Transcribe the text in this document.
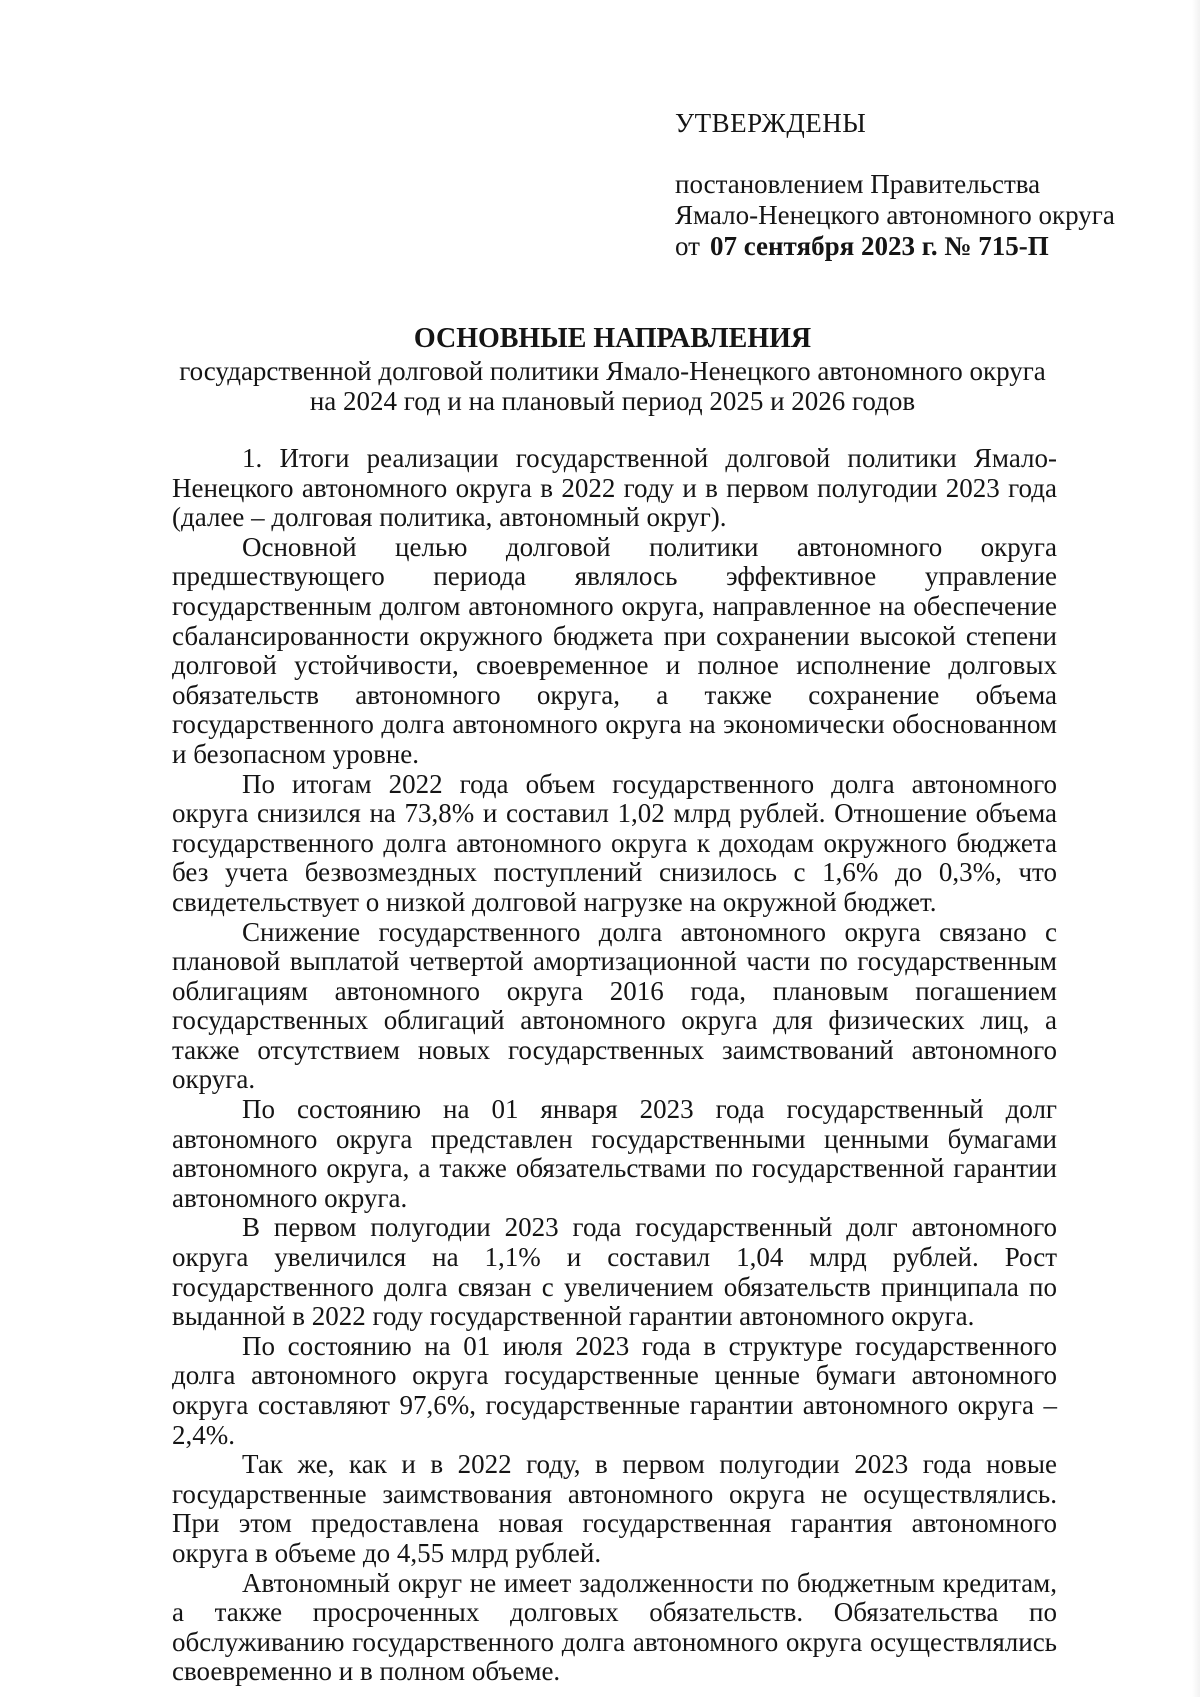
УТВЕРЖДЕНЫ
постановлением Правительства
Ямало-Ненецкого автономного округа
от 07 сентября 2023 г. № 715-П
ОСНОВНЫЕ НАПРАВЛЕНИЯ
государственной долговой политики Ямало-Ненецкого автономного округа
на 2024 год и на плановый период 2025 и 2026 годов

1. Итоги реализации государственной долговой политики Ямало-Ненецкого автономного округа в 2022 году и в первом полугодии 2023 года (далее – долговая политика, автономный округ).

Основной целью долговой политики автономного округа предшествующего периода являлось эффективное управление государственным долгом автономного округа, направленное на обеспечение сбалансированности окружного бюджета при сохранении высокой степени долговой устойчивости, своевременное и полное исполнение долговых обязательств автономного округа, а также сохранение объема государственного долга автономного округа на экономически обоснованном и безопасном уровне.

По итогам 2022 года объем государственного долга автономного округа снизился на 73,8% и составил 1,02 млрд рублей. Отношение объема государственного долга автономного округа к доходам окружного бюджета без учета безвозмездных поступлений снизилось с 1,6% до 0,3%, что свидетельствует о низкой долговой нагрузке на окружной бюджет.

Снижение государственного долга автономного округа связано с плановой выплатой четвертой амортизационной части по государственным облигациям автономного округа 2016 года, плановым погашением государственных облигаций автономного округа для физических лиц, а также отсутствием новых государственных заимствований автономного округа.

По состоянию на 01 января 2023 года государственный долг автономного округа представлен государственными ценными бумагами автономного округа, а также обязательствами по государственной гарантии автономного округа.

В первом полугодии 2023 года государственный долг автономного округа увеличился на 1,1% и составил 1,04 млрд рублей. Рост государственного долга связан с увеличением обязательств принципала по выданной в 2022 году государственной гарантии автономного округа.

По состоянию на 01 июля 2023 года в структуре государственного долга автономного округа государственные ценные бумаги автономного округа составляют 97,6%, государственные гарантии автономного округа – 2,4%.

Так же, как и в 2022 году, в первом полугодии 2023 года новые государственные заимствования автономного округа не осуществлялись. При этом предоставлена новая государственная гарантия автономного округа в объеме до 4,55 млрд рублей.

Автономный округ не имеет задолженности по бюджетным кредитам, а также просроченных долговых обязательств. Обязательства по обслуживанию государственного долга автономного округа осуществлялись своевременно и в полном объеме.
